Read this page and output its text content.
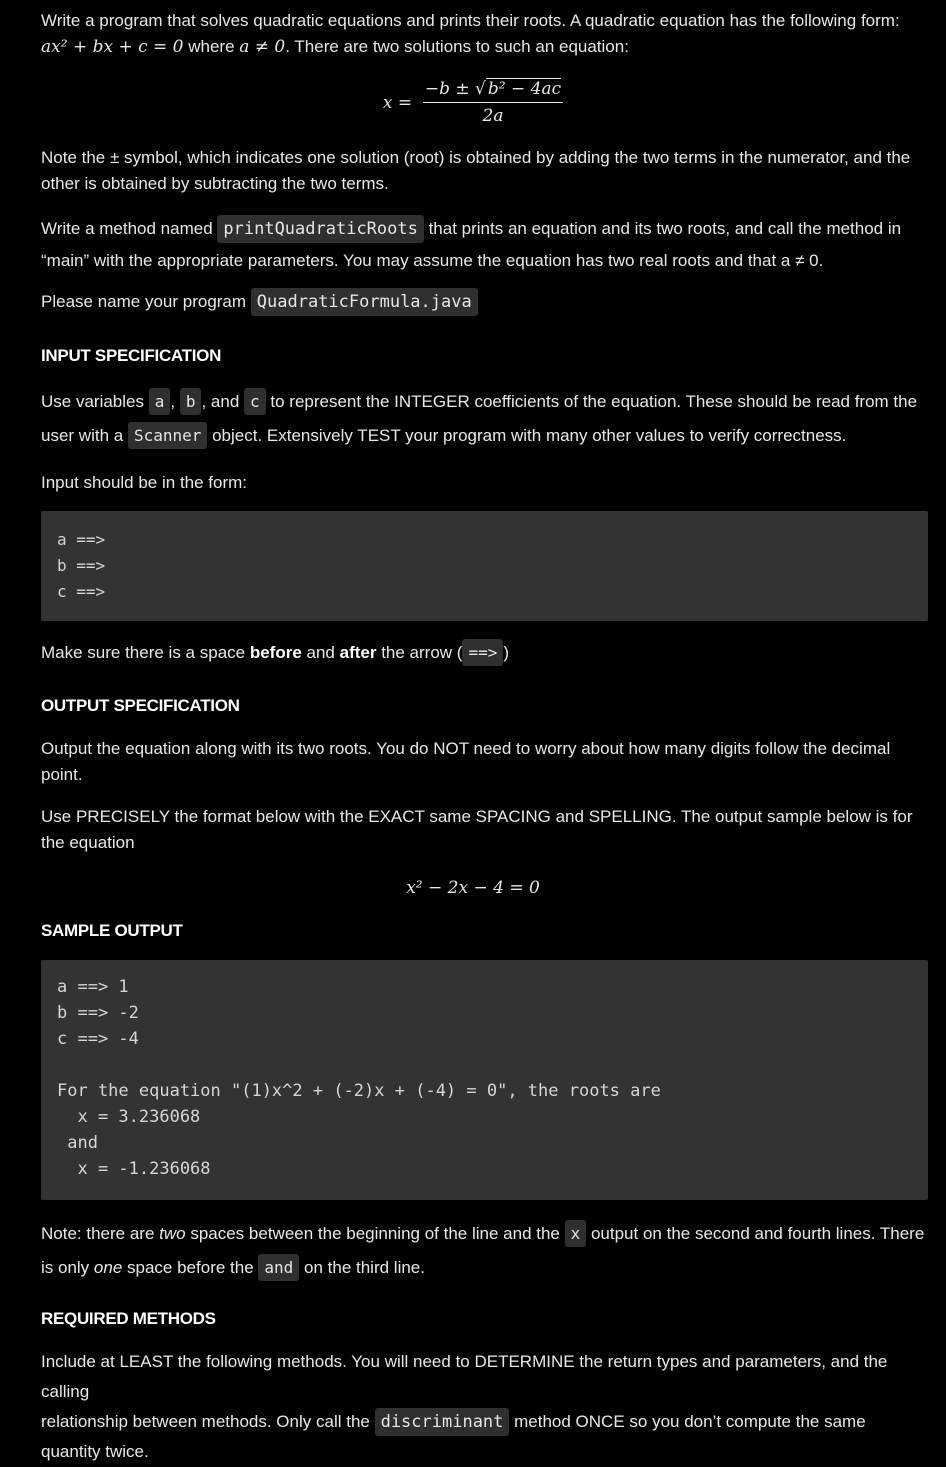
Write a program that solves quadratic equations and prints their roots. A quadratic equation has the following form:

ax² + bx + c = 0 where a ≠ 0. There are two solutions to such an equation:

$x = \frac{\text{−b ± √ b² − 4ac}}{2a}$

Note the ± symbol, which indicates one solution (root) is obtained by adding the two terms in the numerator, and the other is obtained by subtracting the two terms.

Write a method named printQuadraticRoots that prints an equation and its two roots, and call the method in

“main” with the appropriate parameters. You may assume the equation has two real roots and that a ≠ 0.

Please name your program QuadraticFormula.java

INPUT SPECIFICATION

Use variables a , b , and c to represent the INTEGER coefficients of the equation. These should be read from the

user with a Scanner object. Extensively TEST your program with many other values to verify correctness.

Input should be in the form:

a ==>
b ==>
c ==>

Make sure there is a space before and after the arrow ( ==> )

OUTPUT SPECIFICATION

Output the equation along with its two roots. You do NOT need to worry about how many digits follow the decimal point.

Use PRECISELY the format below with the EXACT same SPACING and SPELLING. The output sample below is for the equation

x² − 2x − 4 = 0
SAMPLE OUTPUT
a ==> 1
b ==> -2
c ==> -4
For the equation "(1)x^2 + (-2)x + (-4) = 0", the roots are
x = 3.236068
and
x = -1.236068

Note: there are two spaces between the beginning of the line and the x output on the second and fourth lines. There

is only one space before the and on the third line.

REQUIRED METHODS

Include at LEAST the following methods. You will need to DETERMINE the return types and parameters, and the calling

relationship between methods. Only call the discriminant method ONCE so you don’t compute the same

quantity twice.
